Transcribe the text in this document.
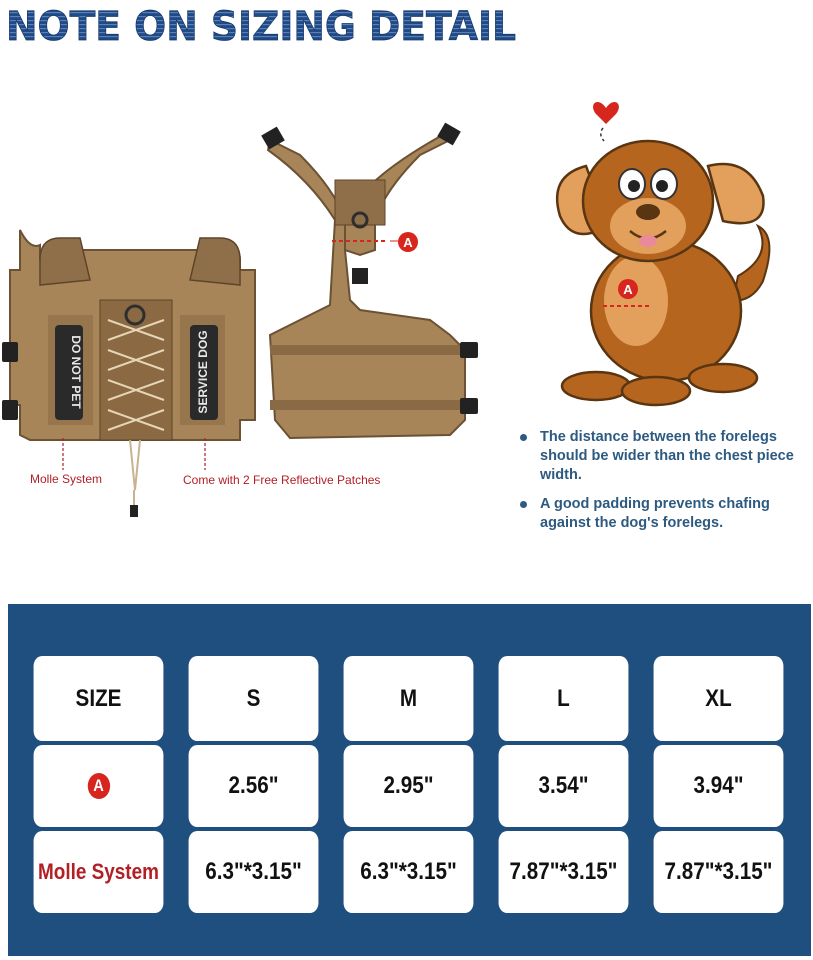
NOTE ON SIZING DETAIL
DO NOT PET	SERVICE DOG
A
Molle System	Come with 2 Free Reflective Patches
A
The distance between the forelegs should be wider than the chest piece width.
A good padding prevents chafing against the dog's forelegs.
SIZE	S	M	L	XL
A	2.56"	2.95"	3.54"	3.94"
Molle System	6.3"*3.15"	6.3"*3.15"	7.87"*3.15"	7.87"*3.15"
